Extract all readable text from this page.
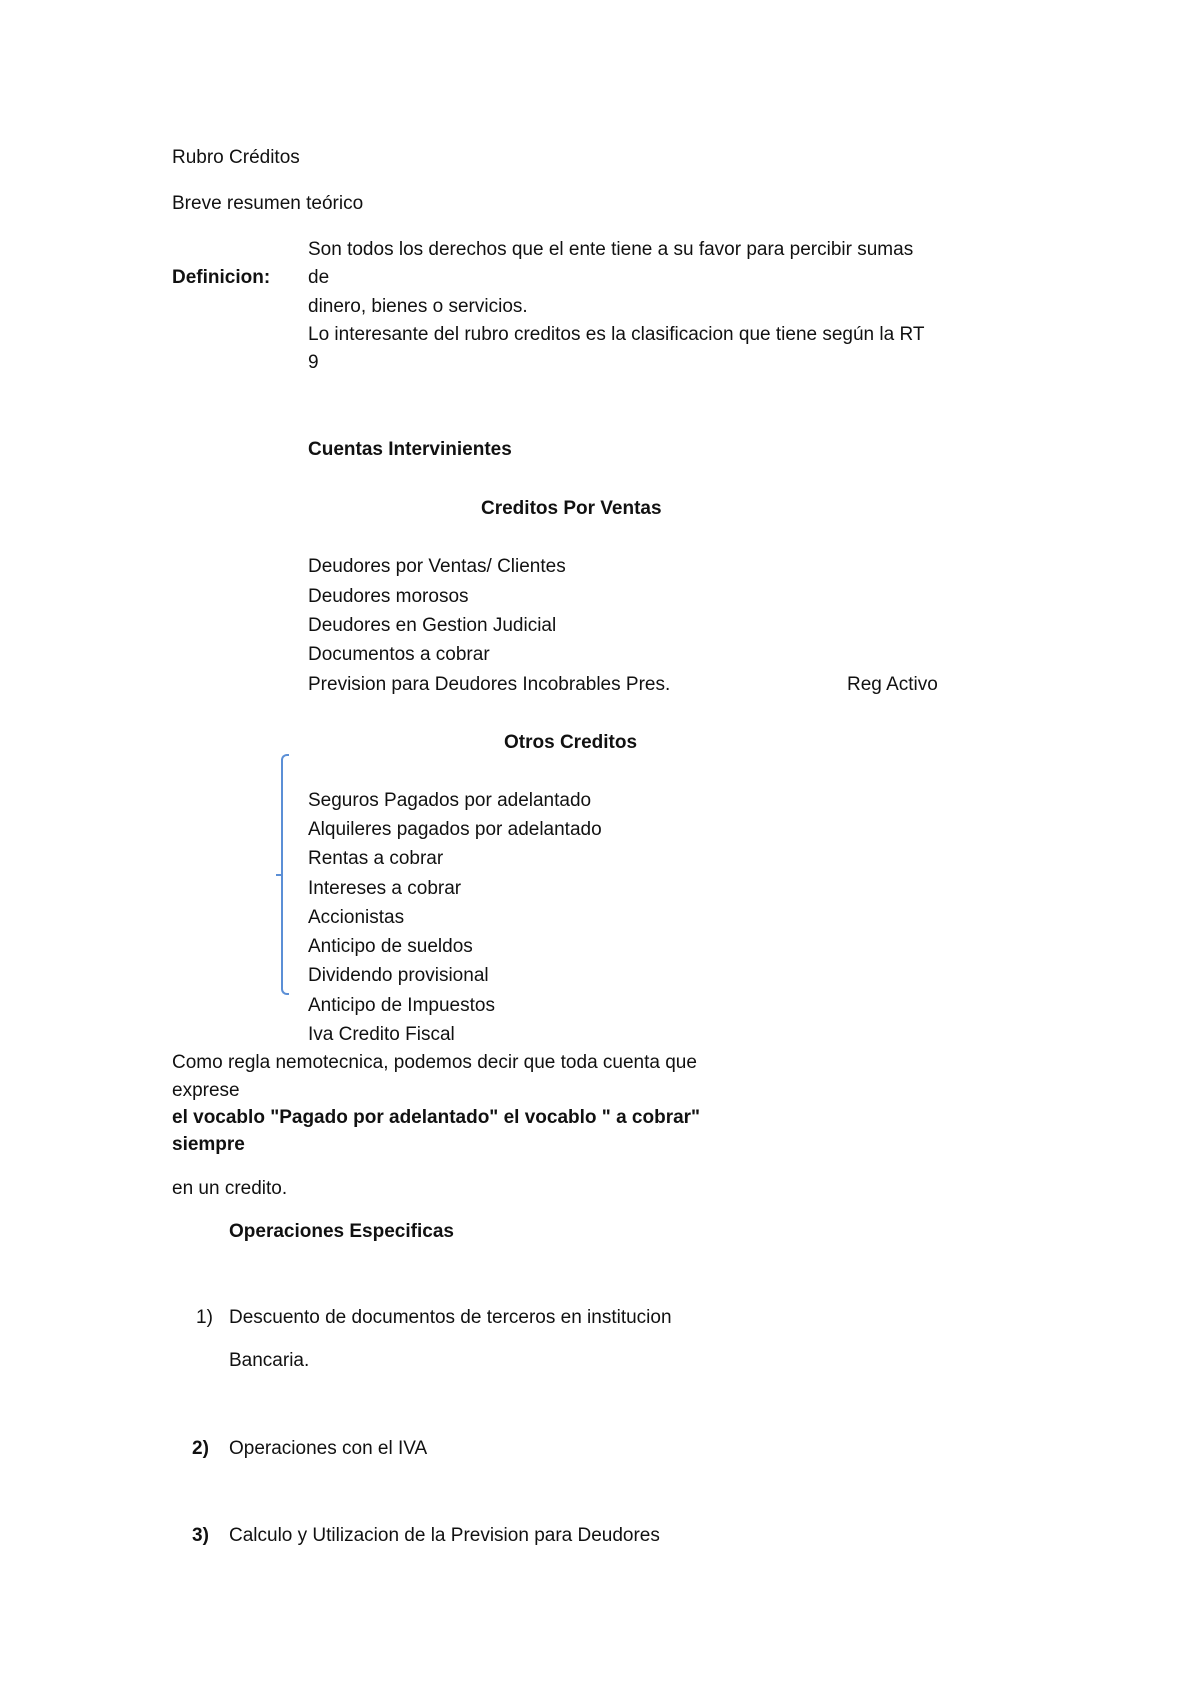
Rubro Créditos
Breve resumen teórico
Definicion:
Son todos los derechos que el ente tiene a su favor para percibir sumas
de
dinero, bienes o servicios.
Lo interesante del rubro creditos es la clasificacion que tiene según la RT
9
Cuentas Intervinientes
Creditos Por Ventas
Deudores por Ventas/ Clientes
Deudores morosos
Deudores en Gestion Judicial
Documentos a cobrar
Prevision para Deudores Incobrables Pres.	Reg Activo
Otros Creditos
Seguros Pagados por adelantado
Alquileres pagados por adelantado
Rentas a cobrar
Intereses a cobrar
Accionistas
Anticipo de sueldos
Dividendo provisional
Anticipo de Impuestos
Iva Credito Fiscal
Como regla nemotecnica, podemos decir que toda cuenta que
exprese
el vocablo "Pagado por adelantado" el vocablo " a cobrar"
siempre
en un credito.
Operaciones Especificas
1) Descuento de documentos de terceros en institucion
Bancaria.
2) Operaciones con el IVA
3) Calculo y Utilizacion de la Prevision para Deudores
